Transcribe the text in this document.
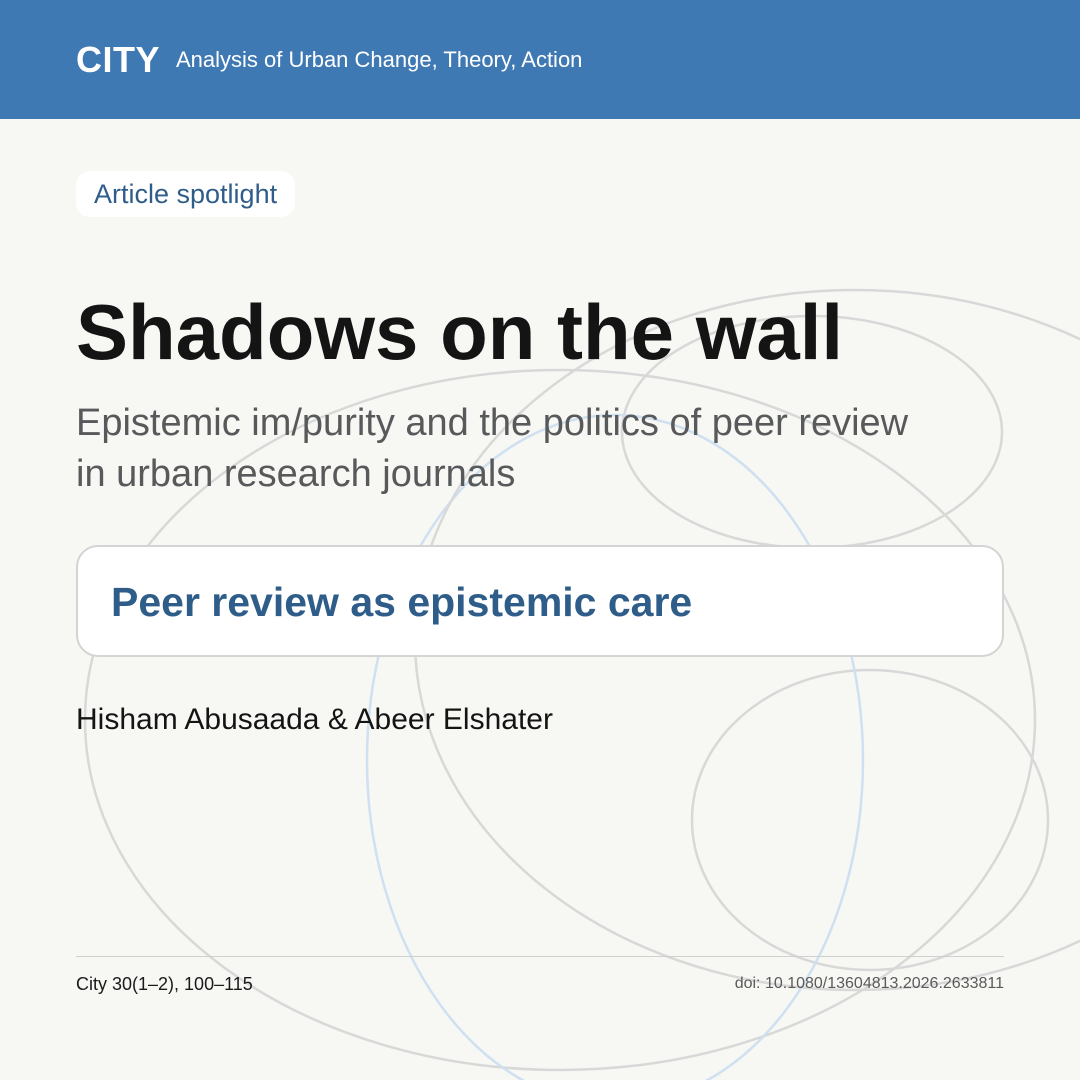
CITY Analysis of Urban Change, Theory, Action
Article spotlight
Shadows on the wall

Epistemic im/purity and the politics of peer review in urban research journals

Peer review as epistemic care
Hisham Abusaada & Abeer Elshater
City 30(1–2), 100–115	doi: 10.1080/13604813.2026.2633811
